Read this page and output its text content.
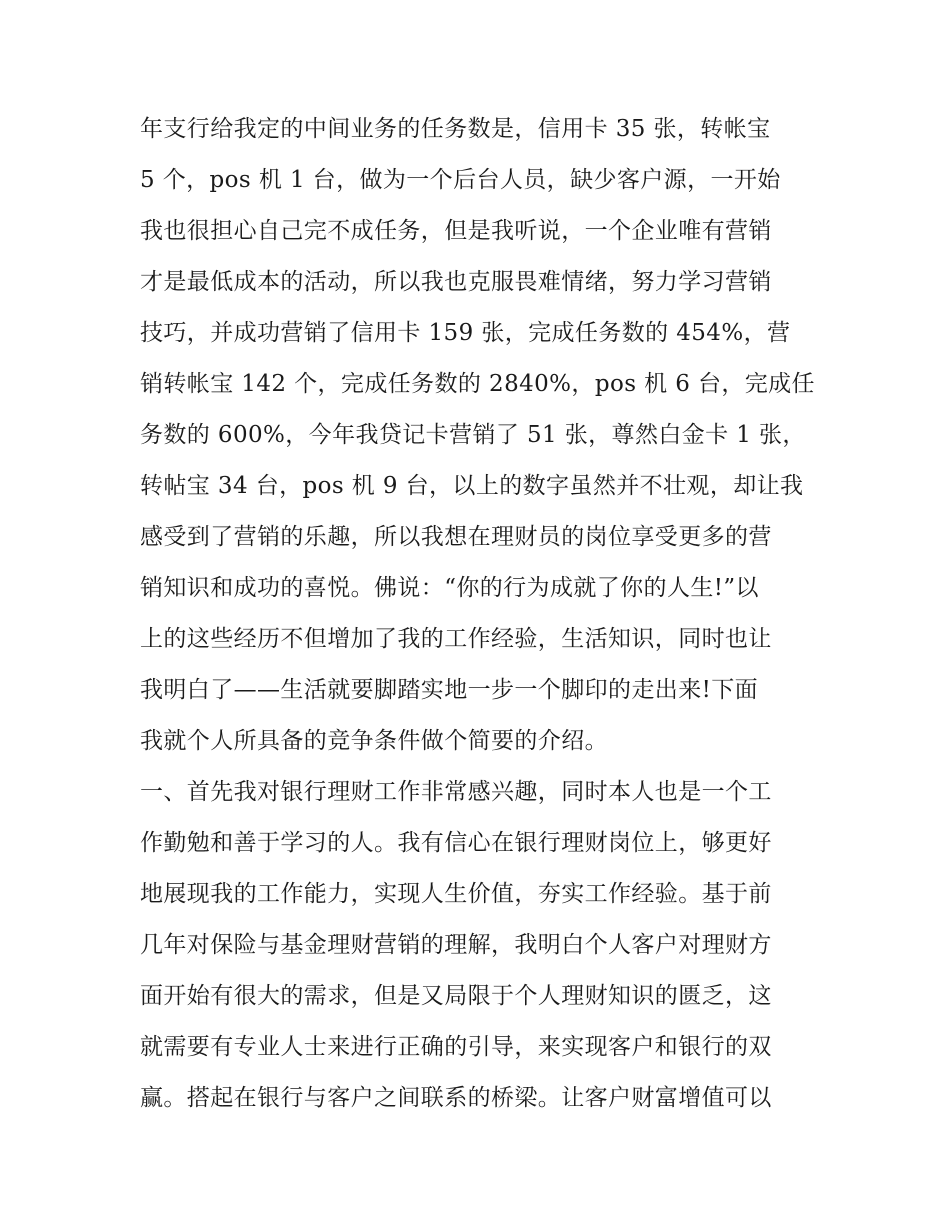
年支行给我定的中间业务的任务数是，信用卡 35 张，转帐宝
5 个，pos 机 1 台，做为一个后台人员，缺少客户源，一开始
我也很担心自己完不成任务，但是我听说，一个企业唯有营销
才是最低成本的活动，所以我也克服畏难情绪，努力学习营销
技巧，并成功营销了信用卡 159 张，完成任务数的 454%，营
销转帐宝 142 个，完成任务数的 2840%，pos 机 6 台，完成任
务数的 600%，今年我贷记卡营销了 51 张，尊然白金卡 1 张，
转帖宝 34 台，pos 机 9 台，以上的数字虽然并不壮观，却让我
感受到了营销的乐趣，所以我想在理财员的岗位享受更多的营
销知识和成功的喜悦。佛说：“你的行为成就了你的人生!”以
上的这些经历不但增加了我的工作经验，生活知识，同时也让
我明白了——生活就要脚踏实地一步一个脚印的走出来!下面
我就个人所具备的竞争条件做个简要的介绍。
一、首先我对银行理财工作非常感兴趣，同时本人也是一个工
作勤勉和善于学习的人。我有信心在银行理财岗位上，够更好
地展现我的工作能力，实现人生价值，夯实工作经验。基于前
几年对保险与基金理财营销的理解，我明白个人客户对理财方
面开始有很大的需求，但是又局限于个人理财知识的匮乏，这
就需要有专业人士来进行正确的引导，来实现客户和银行的双
赢。搭起在银行与客户之间联系的桥梁。让客户财富增值可以
